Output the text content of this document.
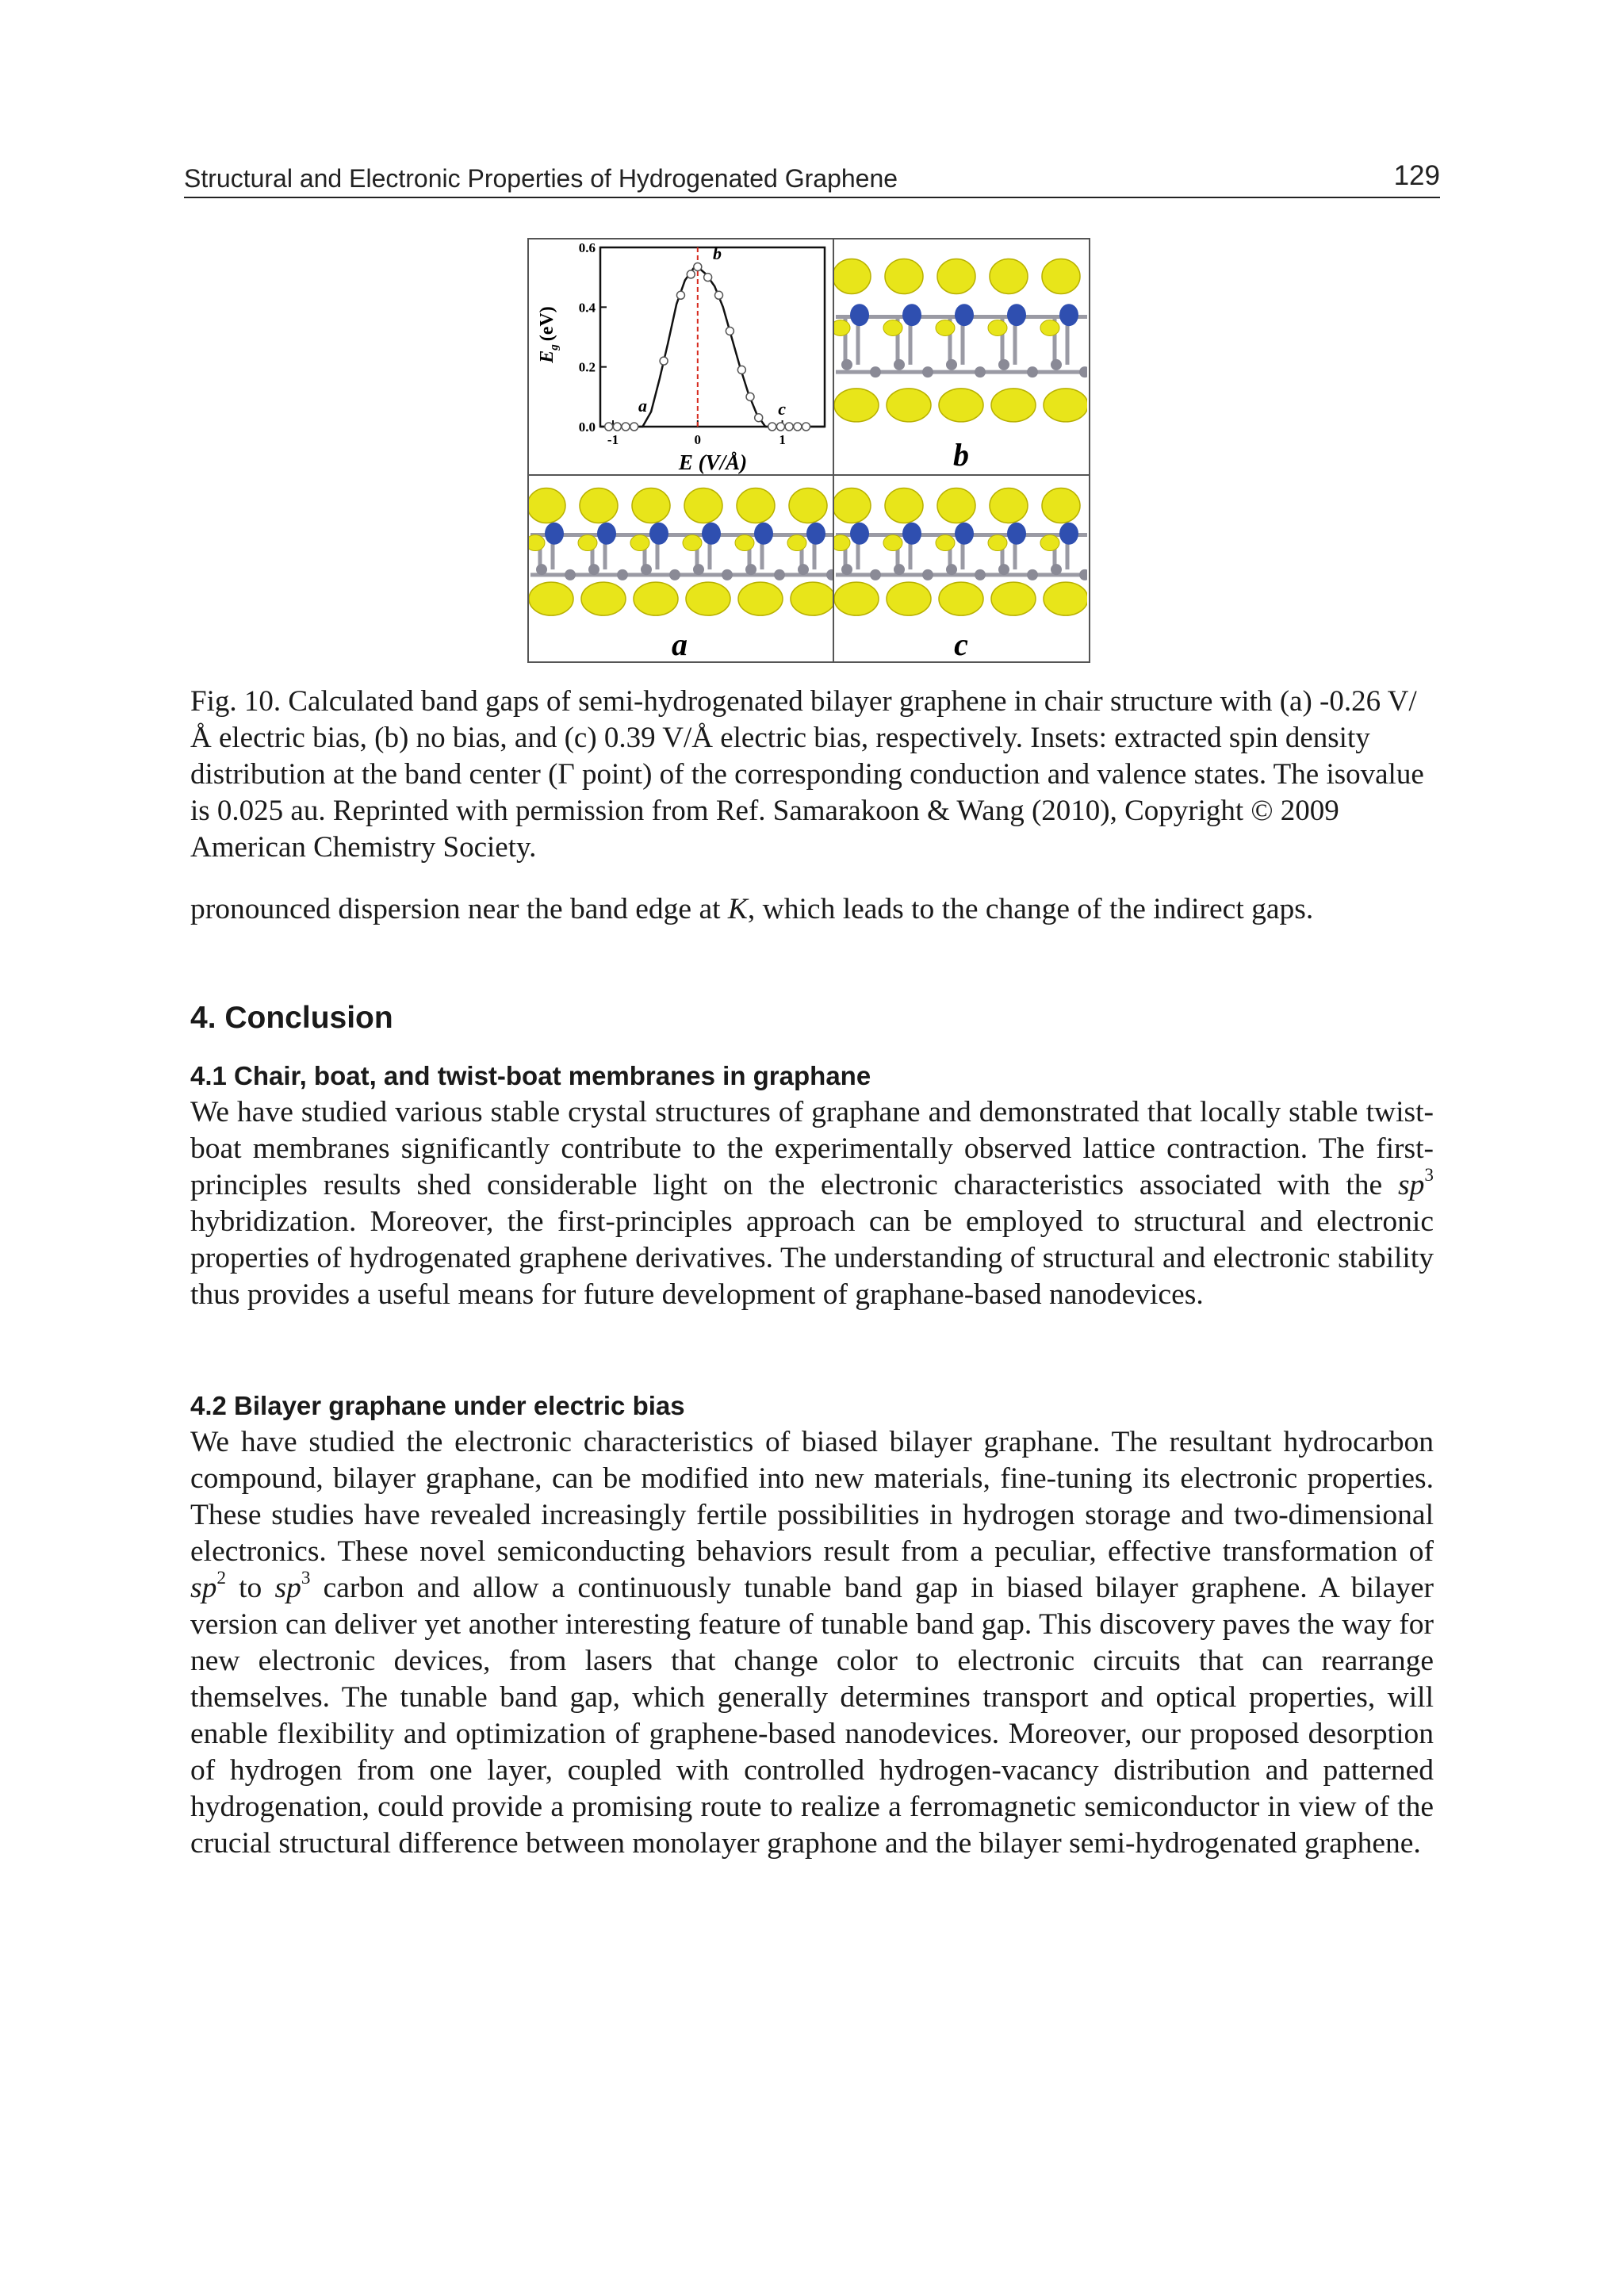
Structural and Electronic Properties of Hydrogenated Graphene	129
0.6
0.4
0.2
0.0
-1	0	1
a
b
c
$E_g(eV)$
E (V/Å)	b
a	c

Fig. 10. Calculated band gaps of semi-hydrogenated bilayer graphene in chair structure with (a) -0.26 V/Å electric bias, (b) no bias, and (c) 0.39 V/Å electric bias, respectively. Insets: extracted spin density distribution at the band center (Γ point) of the corresponding conduction and valence states. The isovalue is 0.025 au. Reprinted with permission from Ref. Samarakoon & Wang (2010), Copyright © 2009 American Chemistry Society.

pronounced dispersion near the band edge at K, which leads to the change of the indirect gaps.

4. Conclusion
4.1 Chair, boat, and twist-boat membranes in graphane

We have studied various stable crystal structures of graphane and demonstrated that locally stable twist-boat membranes significantly contribute to the experimentally observed lattice contraction. The first-principles results shed considerable light on the electronic characteristics associated with the $sp^3$ hybridization. Moreover, the first-principles approach can be employed to structural and electronic properties of hydrogenated graphene derivatives. The understanding of structural and electronic stability thus provides a useful means for future development of graphane-based nanodevices.

4.2 Bilayer graphane under electric bias

We have studied the electronic characteristics of biased bilayer graphane. The resultant hydrocarbon compound, bilayer graphane, can be modified into new materials, fine-tuning its electronic properties. These studies have revealed increasingly fertile possibilities in hydrogen storage and two-dimensional electronics. These novel semiconducting behaviors result from a peculiar, effective transformation of $sp^2$ to $sp^3$ carbon and allow a continuously tunable band gap in biased bilayer graphene. A bilayer version can deliver yet another interesting feature of tunable band gap. This discovery paves the way for new electronic devices, from lasers that change color to electronic circuits that can rearrange themselves. The tunable band gap, which generally determines transport and optical properties, will enable flexibility and optimization of graphene-based nanodevices. Moreover, our proposed desorption of hydrogen from one layer, coupled with controlled hydrogen-vacancy distribution and patterned hydrogenation, could provide a promising route to realize a ferromagnetic semiconductor in view of the crucial structural difference between monolayer graphone and the bilayer semi-hydrogenated graphene.
